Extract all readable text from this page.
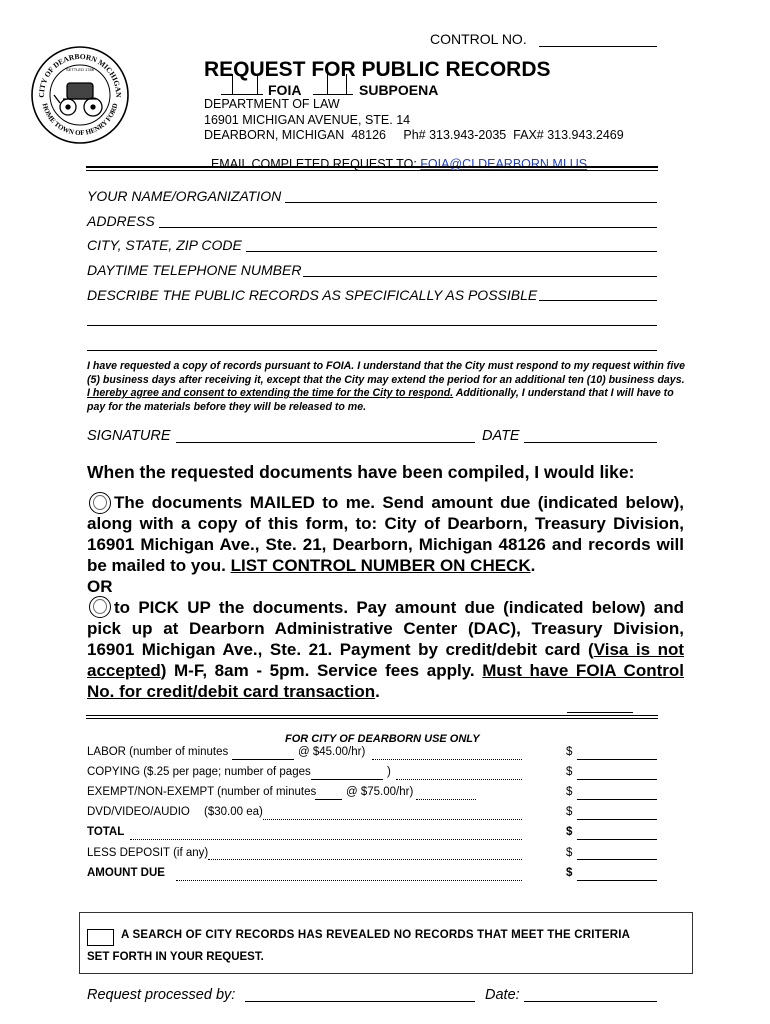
CONTROL NO.
CITY OF DEARBORN MICHIGAN
HOME TOWN OF HENRY FORD
SETTLED 1786	REQUEST FOR PUBLIC RECORDS
FOIA	SUBPOENA
DEPARTMENT OF LAW
16901 MICHIGAN AVENUE, STE. 14
DEARBORN, MICHIGAN  48126     Ph# 313.943-2035  FAX# 313.943.2469

EMAIL COMPLETED REQUEST TO: FOIA@CI.DEARBORN.MI.US

YOUR NAME/ORGANIZATION
ADDRESS
CITY, STATE, ZIP CODE
DAYTIME TELEPHONE NUMBER
DESCRIBE THE PUBLIC RECORDS AS SPECIFICALLY AS POSSIBLE
I have requested a copy of records pursuant to FOIA. I understand that the City must respond to my request within five (5) business days after receiving it, except that the City may extend the period for an additional ten (10) business days. I hereby agree and consent to extending the time for the City to respond. Additionally, I understand that I will have to pay for the materials before they will be released to me.
SIGNATURE	DATE
When the requested documents have been compiled, I would like:
The documents MAILED to me. Send amount due (indicated below), along with a copy of this form, to: City of Dearborn, Treasury Division, 16901 Michigan Ave., Ste. 21, Dearborn, Michigan 48126 and records will be mailed to you. LIST CONTROL NUMBER ON CHECK.
OR
to PICK UP the documents. Pay amount due (indicated below) and pick up at Dearborn Administrative Center (DAC), Treasury Division, 16901 Michigan Ave., Ste. 21. Payment by credit/debit card (Visa is not accepted) M-F, 8am - 5pm. Service fees apply. Must have FOIA Control No. for credit/debit card transaction.
FOR CITY OF DEARBORN USE ONLY
LABOR (number of minutes	@ $45.00/hr)	$
COPYING ($.25 per page; number of pages	)	$
EXEMPT/NON-EXEMPT (number of minutes	@ $75.00/hr)	$
DVD/VIDEO/AUDIO ($30.00 ea)	$
TOTAL	$
LESS DEPOSIT (if any)	$
AMOUNT DUE	$
A SEARCH OF CITY RECORDS HAS REVEALED NO RECORDS THAT MEET THE CRITERIA
SET FORTH IN YOUR REQUEST.
Request processed by:	Date:
